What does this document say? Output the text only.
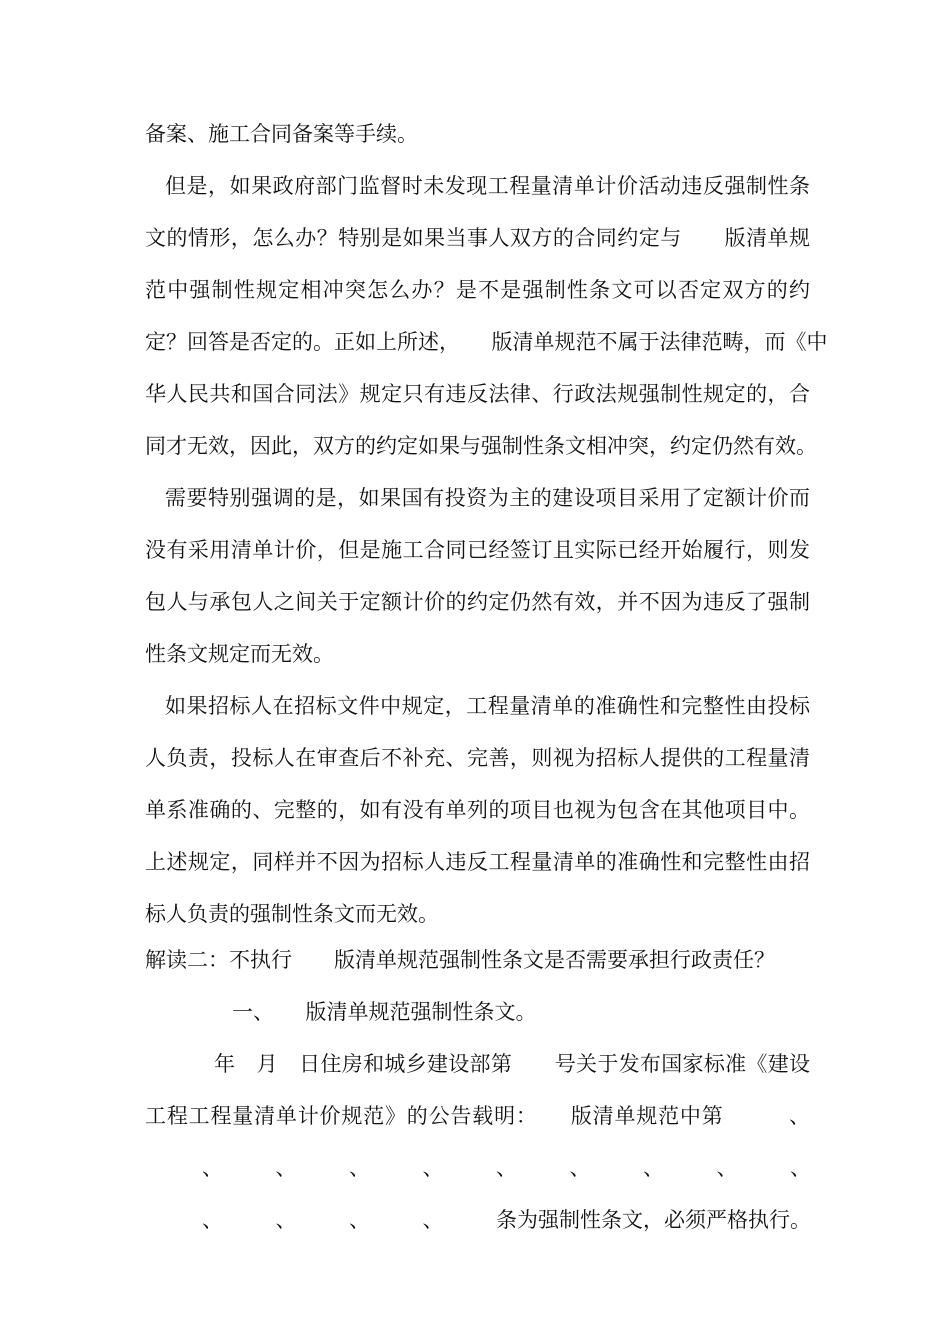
备案、施工合同备案等手续。
但是，如果政府部门监督时未发现工程量清单计价活动违反强制性条
文的情形，怎么办？特别是如果当事人双方的合同约定与　　版清单规
范中强制性规定相冲突怎么办？是不是强制性条文可以否定双方的约
定？回答是否定的。正如上所述，　　版清单规范不属于法律范畴，而《中
华人民共和国合同法》规定只有违反法律、行政法规强制性规定的，合
同才无效，因此，双方的约定如果与强制性条文相冲突，约定仍然有效。
需要特别强调的是，如果国有投资为主的建设项目采用了定额计价而
没有采用清单计价，但是施工合同已经签订且实际已经开始履行，则发
包人与承包人之间关于定额计价的约定仍然有效，并不因为违反了强制
性条文规定而无效。
如果招标人在招标文件中规定，工程量清单的准确性和完整性由投标
人负责，投标人在审查后不补充、完善，则视为招标人提供的工程量清
单系准确的、完整的，如有没有单列的项目也视为包含在其他项目中。
上述规定，同样并不因为招标人违反工程量清单的准确性和完整性由招
标人负责的强制性条文而无效。
解读二：不执行　　版清单规范强制性条文是否需要承担行政责任？
一、　　版清单规范强制性条文。
年　月　日住房和城乡建设部第　　号关于发布国家标准《建设
工程工程量清单计价规范》的公告载明：　　版清单规范中第　　　、
、　　　、　　　、　　　、　　　、　　　、　　　、　　　、　　　、
、　　　、　　　、　　　、　　　条为强制性条文，必须严格执行。
